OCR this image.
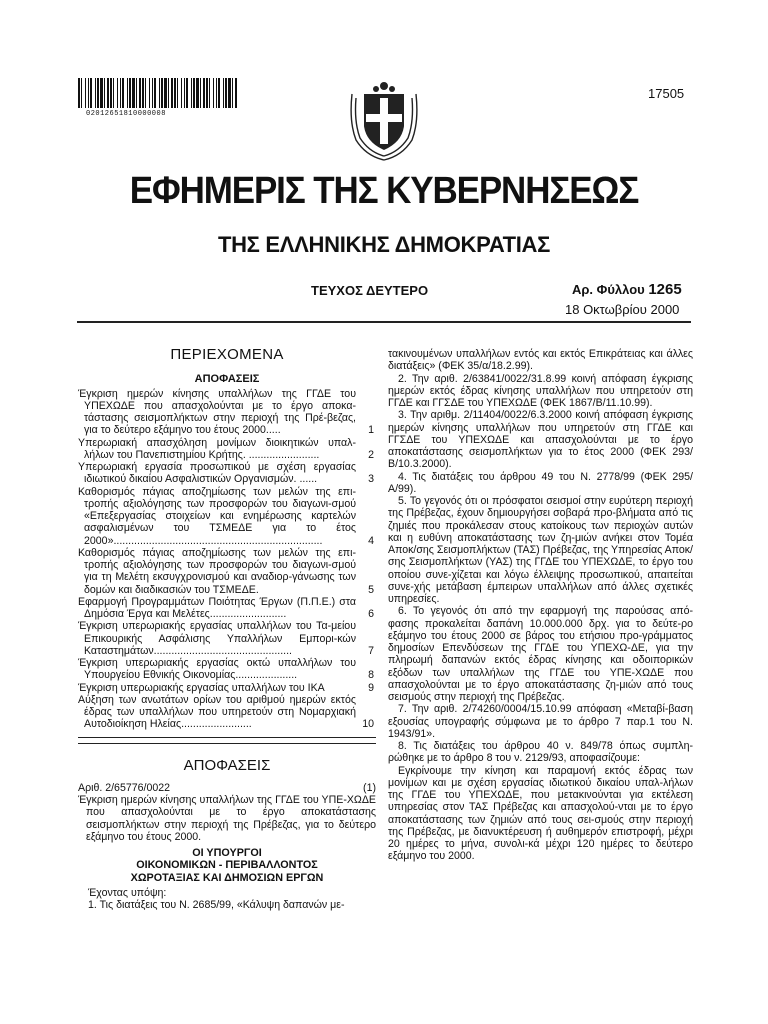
02012651810000008
17505
ΕΦΗΜΕΡΙΣ ΤΗΣ ΚΥΒΕΡΝΗΣΕΩΣ
ΤΗΣ ΕΛΛΗΝΙΚΗΣ ΔΗΜΟΚΡΑΤΙΑΣ
ΤΕΥΧΟΣ ΔΕΥΤΕΡΟ	Αρ. Φύλλου 1265
18 Οκτωβρίου 2000
ΠΕΡΙΕΧΟΜΕΝΑ
ΑΠΟΦΑΣΕΙΣ
Έγκριση ημερών κίνησης υπαλλήλων της ΓΓΔΕ του ΥΠΕΧΩΔΕ που απασχολούνται με το έργο αποκα-τάστασης σεισμοπλήκτων στην περιοχή της Πρέ-βεζας, για το δεύτερο εξάμηνο του έτους 2000.....	1
Υπερωριακή απασχόληση μονίμων διοικητικών υπαλ-λήλων του Πανεπιστημίου Κρήτης. ........................	2
Υπερωριακή εργασία προσωπικού με σχέση εργασίας ιδιωτικού δικαίου Ασφαλιστικών Οργανισμών. ......	3
Καθορισμός πάγιας αποζημίωσης των μελών της επι-τροπής αξιολόγησης των προσφορών του διαγωνι-σμού «Επεξεργασίας στοιχείων και ενημέρωσης καρτελών ασφαλισμένων του ΤΣΜΕΔΕ για το έτος 2000».......................................................................	4
Καθορισμός πάγιας αποζημίωσης των μελών της επι-τροπής αξιολόγησης των προσφορών του διαγωνι-σμού για τη Μελέτη εκσυγχρονισμού και αναδιορ-γάνωσης των δομών και διαδικασιών του ΤΣΜΕΔΕ.	5
Εφαρμογή Προγραμμάτων Ποιότητας Έργων (Π.Π.Ε.) στα Δημόσια Έργα και Μελέτες..........................	6
Έγκριση υπερωριακής εργασίας υπαλλήλων του Τα-μείου Επικουρικής Ασφάλισης Υπαλλήλων Εμπορι-κών Καταστημάτων...............................................	7
Έγκριση υπερωριακής εργασίας οκτώ υπαλλήλων του Υπουργείου Εθνικής Οικονομίας.....................	8
Έγκριση υπερωριακής εργασίας υπαλλήλων του ΙΚΑ	9
Αύξηση των ανωτάτων ορίων του αριθμού ημερών εκτός έδρας των υπαλλήλων που υπηρετούν στη Νομαρχιακή Αυτοδιοίκηση Ηλείας........................	10
ΑΠΟΦΑΣΕΙΣ
Αριθ. 2/65776/0022	(1)
Έγκριση ημερών κίνησης υπαλλήλων της ΓΓΔΕ του ΥΠΕ-ΧΩΔΕ που απασχολούνται με το έργο αποκατάστασης σεισμοπλήκτων στην περιοχή της Πρέβεζας, για το δεύτερο εξάμηνο του έτους 2000.
ΟΙ ΥΠΟΥΡΓΟΙ
ΟΙΚΟΝΟΜΙΚΩΝ - ΠΕΡΙΒΑΛΛΟΝΤΟΣ
ΧΩΡΟΤΑΞΙΑΣ ΚΑΙ ΔΗΜΟΣΙΩΝ ΕΡΓΩΝ
Έχοντας υπόψη:
1. Τις διατάξεις του Ν. 2685/99, «Κάλυψη δαπανών με-
τακινουμένων υπαλλήλων εντός και εκτός Επικράτειας και άλλες διατάξεις» (ΦΕΚ 35/α/18.2.99).
2. Την αριθ. 2/63841/0022/31.8.99 κοινή απόφαση έγκρισης ημερών εκτός έδρας κίνησης υπαλλήλων που υπηρετούν στη ΓΓΔΕ και ΓΓΣΔΕ του ΥΠΕΧΩΔΕ (ΦΕΚ 1867/Β/11.10.99).
3. Την αριθμ. 2/11404/0022/6.3.2000 κοινή απόφαση έγκρισης ημερών κίνησης υπαλλήλων που υπηρετούν στη ΓΓΔΕ και ΓΓΣΔΕ του ΥΠΕΧΩΔΕ και απασχολούνται με το έργο αποκατάστασης σεισμοπλήκτων για το έτος 2000 (ΦΕΚ 293/Β/10.3.2000).
4. Τις διατάξεις του άρθρου 49 του Ν. 2778/99 (ΦΕΚ 295/Α/99).
5. Το γεγονός ότι οι πρόσφατοι σεισμοί στην ευρύτερη περιοχή της Πρέβεζας, έχουν δημιουργήσει σοβαρά προ-βλήματα από τις ζημιές που προκάλεσαν στους κατοίκους των περιοχών αυτών και η ευθύνη αποκατάστασης των ζη-μιών ανήκει στον Τομέα Αποκ/σης Σεισμοπλήκτων (ΤΑΣ) Πρέβεζας, της Υπηρεσίας Αποκ/σης Σεισμοπλήκτων (ΥΑΣ) της ΓΓΔΕ του ΥΠΕΧΩΔΕ, το έργο του οποίου συνε-χίζεται και λόγω έλλειψης προσωπικού, απαιτείται συνε-χής μετάβαση έμπειρων υπαλλήλων από άλλες σχετικές υπηρεσίες.
6. Το γεγονός ότι από την εφαρμογή της παρούσας από-φασης προκαλείται δαπάνη 10.000.000 δρχ. για το δεύτε-ρο εξάμηνο του έτους 2000 σε βάρος του ετήσιου προ-γράμματος δημοσίων Επενδύσεων της ΓΓΔΕ του ΥΠΕΧΩ-ΔΕ, για την πληρωμή δαπανών εκτός έδρας κίνησης και οδοιπορικών εξόδων των υπαλλήλων της ΓΓΔΕ του ΥΠΕ-ΧΩΔΕ που απασχολούνται με το έργο αποκατάστασης ζη-μιών από τους σεισμούς στην περιοχή της Πρέβεζας.
7. Την αριθ. 2/74260/0004/15.10.99 απόφαση «Μεταβί-βαση εξουσίας υπογραφής σύμφωνα με το άρθρο 7 παρ.1 του Ν. 1943/91».
8. Τις διατάξεις του άρθρου 40 ν. 849/78 όπως συμπλη-ρώθηκε με το άρθρο 8 του ν. 2129/93, αποφασίζουμε:
Εγκρίνουμε την κίνηση και παραμονή εκτός έδρας των μονίμων και με σχέση εργασίας ιδιωτικού δικαίου υπαλ-λήλων της ΓΓΔΕ του ΥΠΕΧΩΔΕ, που μετακινούνται για εκτέλεση υπηρεσίας στον ΤΑΣ Πρέβεζας και απασχολού-νται με το έργο αποκατάστασης των ζημιών από τους σει-σμούς στην περιοχή της Πρέβεζας, με διανυκτέρευση ή αυθημερόν επιστροφή, μέχρι 20 ημέρες το μήνα, συνολι-κά μέχρι 120 ημέρες το δεύτερο εξάμηνο του 2000.
